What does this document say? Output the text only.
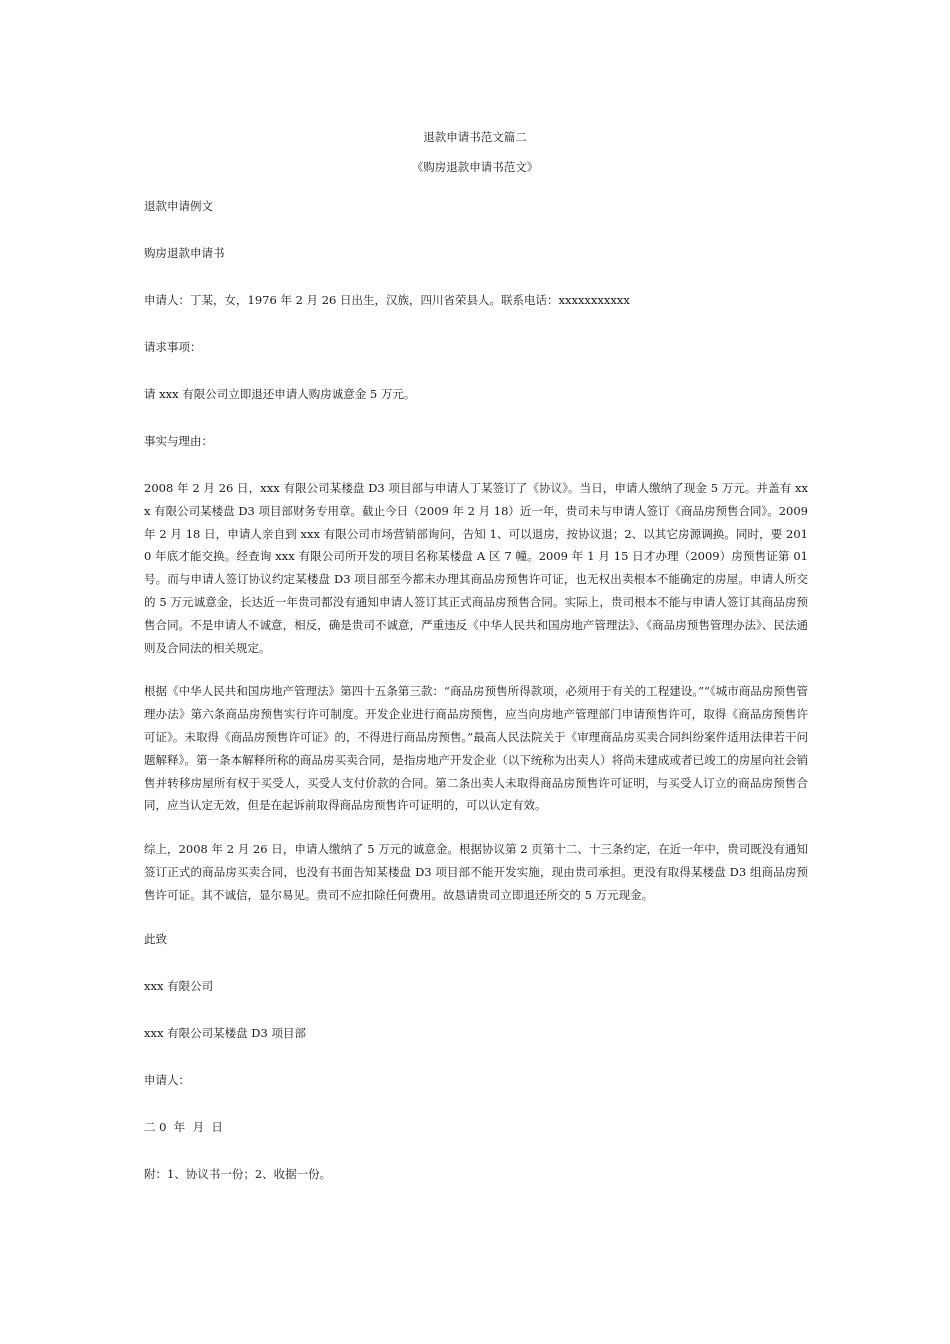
退款申请书范文篇二

《购房退款申请书范文》

退款申请例文

购房退款申请书

申请人：丁某，女，1976 年 2 月 26 日出生，汉族，四川省荣县人。联系电话：xxxxxxxxxxx

请求事项：

请 xxx 有限公司立即退还申请人购房诚意金 5 万元。

事实与理由：

2008 年 2 月 26 日，xxx 有限公司某楼盘 D3 项目部与申请人丁某签订了《协议》。当日，申请人缴纳了现金 5 万元。并盖有 xxx 有限公司某楼盘 D3 项目部财务专用章。截止今日（2009 年 2 月 18）近一年，贵司未与申请人签订《商品房预售合同》。2009 年 2 月 18 日，申请人亲自到 xxx 有限公司市场营销部询问，告知 1、可以退房，按协议退；2、以其它房源调换。同时，要 2010 年底才能交换。经查询 xxx 有限公司所开发的项目名称某楼盘 A 区 7 幢。2009 年 1 月 15 日才办理（2009）房预售证第 01 号。而与申请人签订协议约定某楼盘 D3 项目部至今都未办理其商品房预售许可证，也无权出卖根本不能确定的房屋。申请人所交的 5 万元诚意金，长达近一年贵司都没有通知申请人签订其正式商品房预售合同。实际上，贵司根本不能与申请人签订其商品房预售合同。不是申请人不诚意，相反，确是贵司不诚意，严重违反《中华人民共和国房地产管理法》、《商品房预售管理办法》、民法通则及合同法的相关规定。

根据《中华人民共和国房地产管理法》第四十五条第三款：“商品房预售所得款项，必须用于有关的工程建设。”“《城市商品房预售管理办法》第六条商品房预售实行许可制度。开发企业进行商品房预售，应当向房地产管理部门申请预售许可，取得《商品房预售许可证》。未取得《商品房预售许可证》的，不得进行商品房预售。”最高人民法院关于《审理商品房买卖合同纠纷案件适用法律若干问题解释》。第一条本解释所称的商品房买卖合同，是指房地产开发企业（以下统称为出卖人）将尚未建成或者已竣工的房屋向社会销售并转移房屋所有权于买受人，买受人支付价款的合同。第二条出卖人未取得商品房预售许可证明，与买受人订立的商品房预售合同，应当认定无效，但是在起诉前取得商品房预售许可证明的，可以认定有效。

综上，2008 年 2 月 26 日，申请人缴纳了 5 万元的诚意金。根据协议第 2 页第十二、十三条约定，在近一年中，贵司既没有通知签订正式的商品房买卖合同，也没有书面告知某楼盘 D3 项目部不能开发实施，现由贵司承担。更没有取得某楼盘 D3 组商品房预售许可证。其不诚信，显尔易见。贵司不应扣除任何费用。故恳请贵司立即退还所交的 5 万元现金。

此致

xxx 有限公司

xxx 有限公司某楼盘 D3 项目部

申请人：

二 0  年  月  日

附：1、协议书一份；2、收据一份。
